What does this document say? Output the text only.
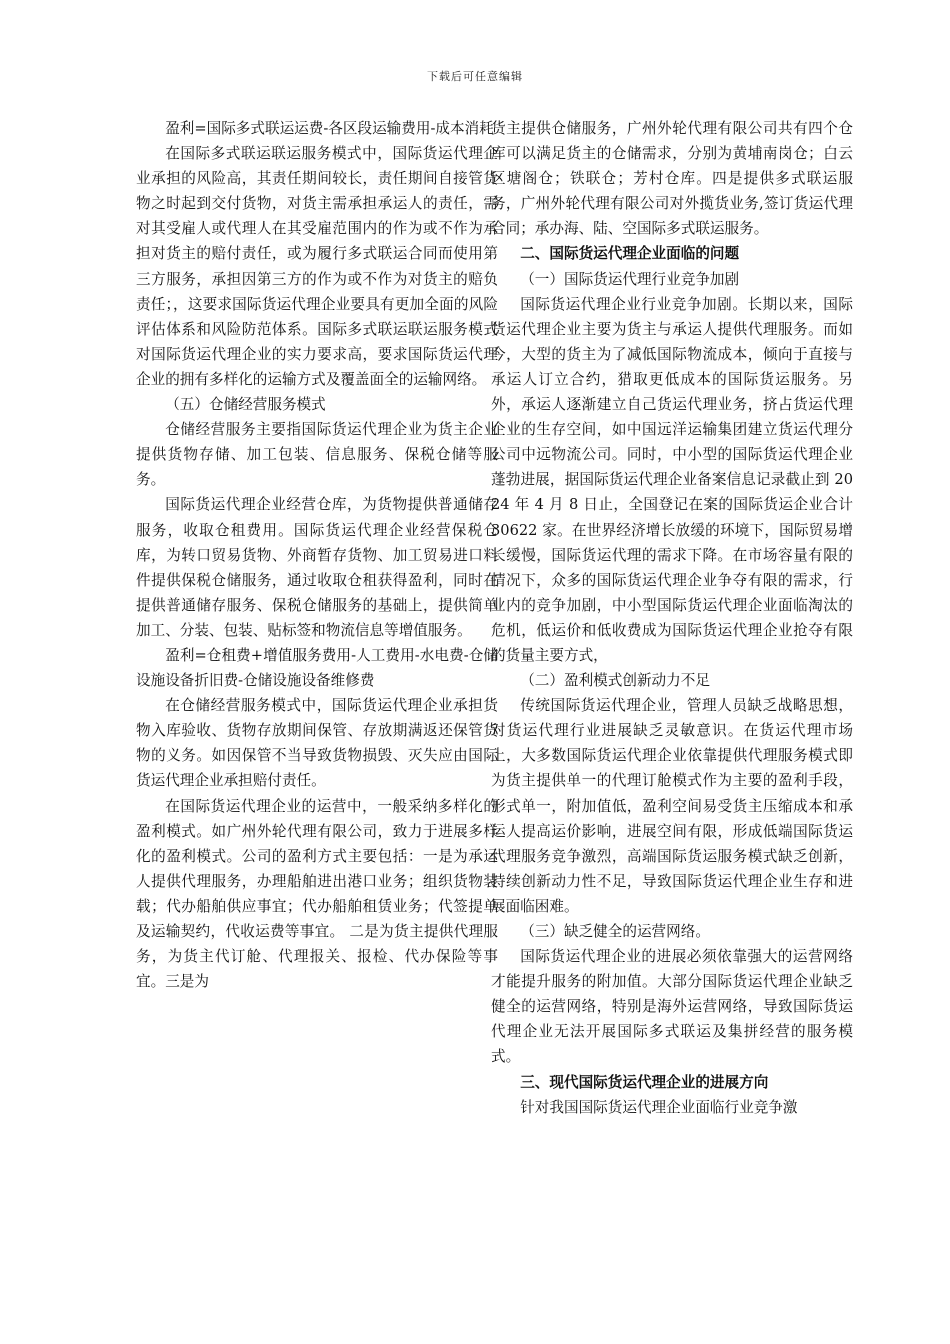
下载后可任意编辑

盈利=国际多式联运运费-各区段运输费用-成本消耗

在国际多式联运联运服务模式中，国际货运代理企业承担的风险高，其责任期间较长，责任期间自接管货物之时起到交付货物，对货主需承担承运人的责任，需对其受雇人或代理人在其受雇范围内的作为或不作为承担对货主的赔付责任，或为履行多式联运合同而使用第三方服务，承担因第三方的作为或不作为对货主的赔负责任；，这要求国际货运代理企业要具有更加全面的风险评估体系和风险防范体系。国际多式联运联运服务模式对国际货运代理企业的实力要求高，要求国际货运代理企业的拥有多样化的运输方式及覆盖面全的运输网络。

（五）仓储经营服务模式

仓储经营服务主要指国际货运代理企业为货主企业提供货物存储、加工包装、信息服务、保税仓储等服务。

国际货运代理企业经营仓库，为货物提供普通储存服务，收取仓租费用。国际货运代理企业经营保税仓库，为转口贸易货物、外商暂存货物、加工贸易进口料件提供保税仓储服务，通过收取仓租获得盈利，同时在提供普通储存服务、保税仓储服务的基础上，提供简单加工、分装、包装、贴标签和物流信息等增值服务。

盈利=仓租费+增值服务费用-人工费用-水电费-仓储设施设备折旧费-仓储设施设备维修费

在仓储经营服务模式中，国际货运代理企业承担货物入库验收、货物存放期间保管、存放期满返还保管货物的义务。如因保管不当导致货物损毁、灭失应由国际货运代理企业承担赔付责任。

在国际货运代理企业的运营中，一般采纳多样化的盈利模式。如广州外轮代理有限公司，致力于进展多样化的盈利模式。公司的盈利方式主要包括：一是为承运人提供代理服务，办理船舶进出港口业务；组织货物装载；代办船舶供应事宜；代办船舶租赁业务；代签提单及运输契约，代收运费等事宜。 二是为货主提供代理服务，为货主代订舱、代理报关、报检、代办保险等事宜。三是为

货主提供仓储服务，广州外轮代理有限公司共有四个仓库可以满足货主的仓储需求，分别为黄埔南岗仓；白云区塘阁仓；铁联仓；芳村仓库。四是提供多式联运服务，广州外轮代理有限公司对外揽货业务,签订货运代理合同；承办海、陆、空国际多式联运服务。

二、国际货运代理企业面临的问题

（一）国际货运代理行业竞争加剧

国际货运代理企业行业竞争加剧。长期以来，国际货运代理企业主要为货主与承运人提供代理服务。而如今，大型的货主为了减低国际物流成本，倾向于直接与承运人订立合约，猎取更低成本的国际货运服务。另外，承运人逐渐建立自己货运代理业务，挤占货运代理企业的生存空间，如中国远洋运输集团建立货运代理分公司中远物流公司。同时，中小型的国际货运代理企业蓬勃进展，据国际货运代理企业备案信息记录截止到 2024 年 4 月 8 日止，全国登记在案的国际货运企业合计 30622 家。在世界经济增长放缓的环境下，国际贸易增长缓慢，国际货运代理的需求下降。在市场容量有限的情况下，众多的国际货运代理企业争夺有限的需求，行业内的竞争加剧，中小型国际货运代理企业面临淘汰的危机，低运价和低收费成为国际货运代理企业抢夺有限的货量主要方式，

（二）盈利模式创新动力不足

传统国际货运代理企业，管理人员缺乏战略思想，对货运代理行业进展缺乏灵敏意识。在货运代理市场上，大多数国际货运代理企业依靠提供代理服务模式即为货主提供单一的代理订舱模式作为主要的盈利手段，形式单一，附加值低，盈利空间易受货主压缩成本和承运人提高运价影响，进展空间有限，形成低端国际货运代理服务竞争激烈，高端国际货运服务模式缺乏创新，持续创新动力性不足，导致国际货运代理企业生存和进展面临困难。

（三）缺乏健全的运营网络。

国际货运代理企业的进展必须依靠强大的运营网络才能提升服务的附加值。大部分国际货运代理企业缺乏健全的运营网络，特别是海外运营网络，导致国际货运代理企业无法开展国际多式联运及集拼经营的服务模式。

三、现代国际货运代理企业的进展方向

针对我国国际货运代理企业面临行业竞争激
